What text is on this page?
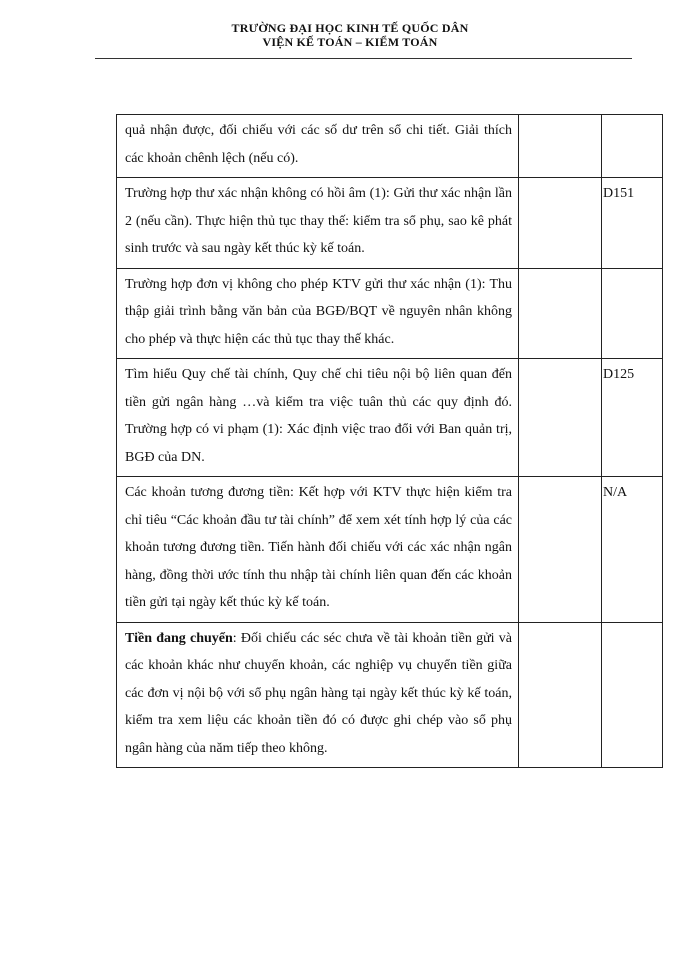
TRƯỜNG ĐẠI HỌC KINH TẾ QUỐC DÂN
VIỆN KẾ TOÁN – KIỂM TOÁN
quả nhận được, đối chiếu với các số dư trên sổ chi tiết. Giải thích các khoản chênh lệch (nếu có).		

Trường hợp thư xác nhận không có hồi âm (1): Gửi thư xác nhận lần 2 (nếu cần). Thực hiện thủ tục thay thế: kiểm tra sổ phụ, sao kê phát sinh trước và sau ngày kết thúc kỳ kế toán.		D151

Trường hợp đơn vị không cho phép KTV gửi thư xác nhận (1): Thu thập giải trình bằng văn bản của BGĐ/BQT về nguyên nhân không cho phép và thực hiện các thủ tục thay thế khác.		

Tìm hiểu Quy chế tài chính, Quy chế chi tiêu nội bộ liên quan đến tiền gửi ngân hàng …và kiểm tra việc tuân thủ các quy định đó. Trường hợp có vi phạm (1): Xác định việc trao đổi với Ban quản trị, BGĐ của DN.		D125

Các khoản tương đương tiền: Kết hợp với KTV thực hiện kiểm tra chỉ tiêu “Các khoản đầu tư tài chính” để xem xét tính hợp lý của các khoản tương đương tiền. Tiến hành đối chiếu với các xác nhận ngân hàng, đồng thời ước tính thu nhập tài chính liên quan đến các khoản tiền gửi tại ngày kết thúc kỳ kế toán.		N/A

Tiền đang chuyển: Đối chiếu các séc chưa về tài khoản tiền gửi và các khoản khác như chuyển khoản, các nghiệp vụ chuyển tiền giữa các đơn vị nội bộ với sổ phụ ngân hàng tại ngày kết thúc kỳ kế toán, kiểm tra xem liệu các khoản tiền đó có được ghi chép vào sổ phụ ngân hàng của năm tiếp theo không.		
